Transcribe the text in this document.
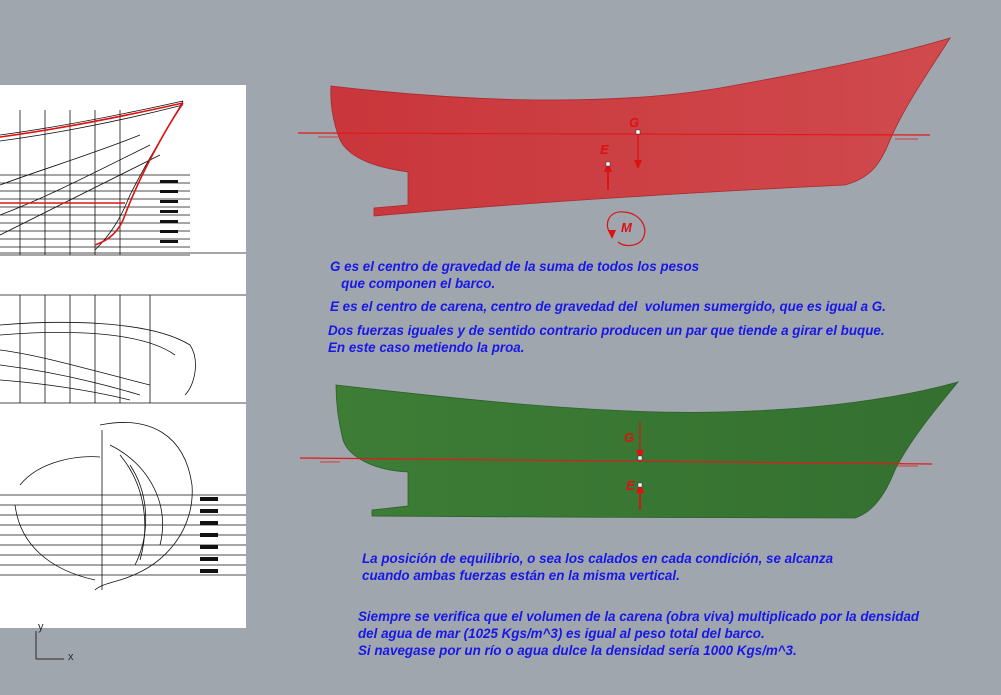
G
E
M
G
E
G es el centro de gravedad de la suma de todos los pesos
que componen el barco.
E es el centro de carena, centro de gravedad del  volumen sumergido, que es igual a G.
Dos fuerzas iguales y de sentido contrario producen un par que tiende a girar el buque.
En este caso metiendo la proa.
La posición de equilibrio, o sea los calados en cada condición, se alcanza
cuando ambas fuerzas están en la misma vertical.
Siempre se verifica que el volumen de la carena (obra viva) multiplicado por la densidad
del agua de mar (1025 Kgs/m^3) es igual al peso total del barco.
Si navegase por un río o agua dulce la densidad sería 1000 Kgs/m^3.
y
x
